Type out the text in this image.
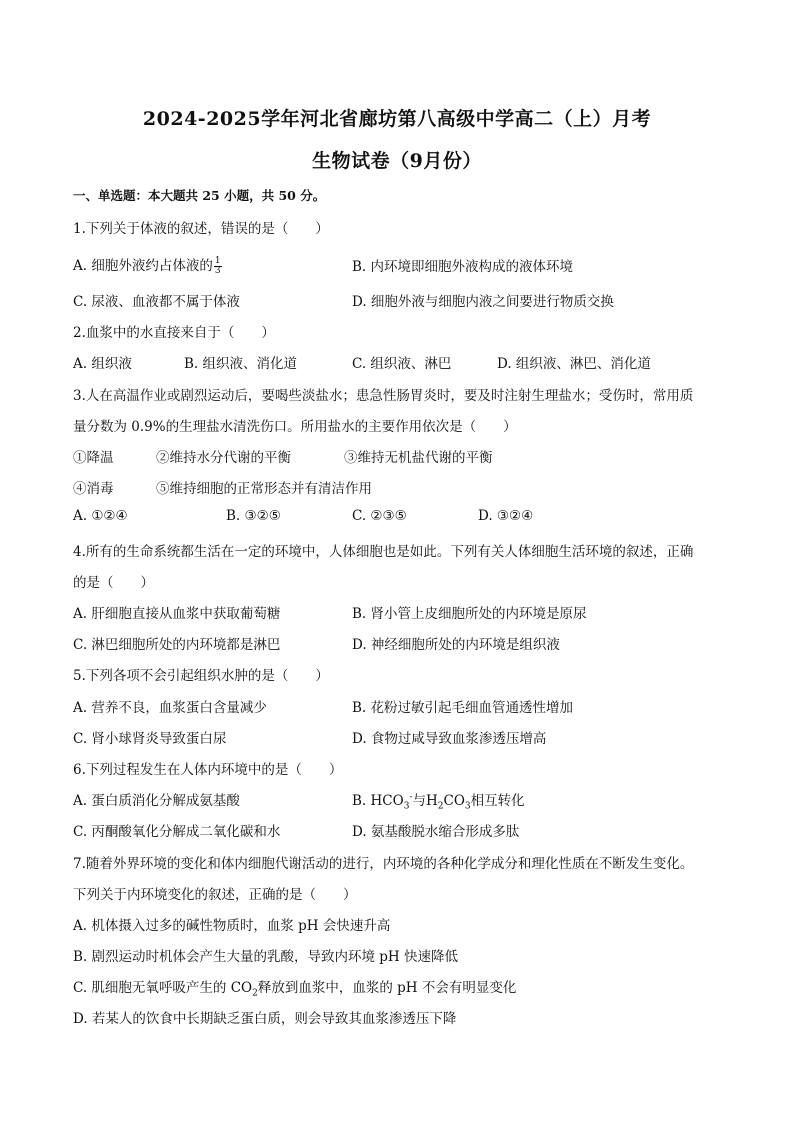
2024-2025学年河北省廊坊第八高级中学高二（上）月考
生物试卷（9月份）
一、单选题：本大题共 25 小题，共 50 分。
1.下列关于体液的叙述，错误的是（　　）
A. 细胞外液约占体液的 $\frac{1}{3}$	B. 内环境即细胞外液构成的液体环境
C. 尿液、血液都不属于体液	D. 细胞外液与细胞内液之间要进行物质交换
2.血浆中的水直接来自于（　　）
A. 组织液	B. 组织液、消化道	C. 组织液、淋巴	D. 组织液、淋巴、消化道
3.人在高温作业或剧烈运动后，要喝些淡盐水；患急性肠胃炎时，要及时注射生理盐水；受伤时，常用质
量分数为 0.9%的生理盐水清洗伤口。所用盐水的主要作用依次是（　　）
①降温	②维持水分代谢的平衡	③维持无机盐代谢的平衡
④消毒	⑤维持细胞的正常形态并有清洁作用
A. ①②④	B. ③②⑤	C. ②③⑤	D. ③②④
4.所有的生命系统都生活在一定的环境中，人体细胞也是如此。下列有关人体细胞生活环境的叙述，正确
的是（　　）
A. 肝细胞直接从血浆中获取葡萄糖	B. 肾小管上皮细胞所处的内环境是原尿
C. 淋巴细胞所处的内环境都是淋巴	D. 神经细胞所处的内环境是组织液
5.下列各项不会引起组织水肿的是（　　）
A. 营养不良，血浆蛋白含量减少	B. 花粉过敏引起毛细血管通透性增加
C. 肾小球肾炎导致蛋白尿	D. 食物过咸导致血浆渗透压增高
6.下列过程发生在人体内环境中的是（　　）
A. 蛋白质消化分解成氨基酸	B. $HCO_3^-$与$H_2CO_3$相互转化
C. 丙酮酸氧化分解成二氧化碳和水	D. 氨基酸脱水缩合形成多肽
7.随着外界环境的变化和体内细胞代谢活动的进行，内环境的各种化学成分和理化性质在不断发生变化。
下列关于内环境变化的叙述，正确的是（　　）
A. 机体摄入过多的碱性物质时，血浆 pH 会快速升高
B. 剧烈运动时机体会产生大量的乳酸，导致内环境 pH 快速降低
C. 肌细胞无氧呼吸产生的 $CO_2$释放到血浆中，血浆的 pH 不会有明显变化
D. 若某人的饮食中长期缺乏蛋白质，则会导致其血浆渗透压下降
